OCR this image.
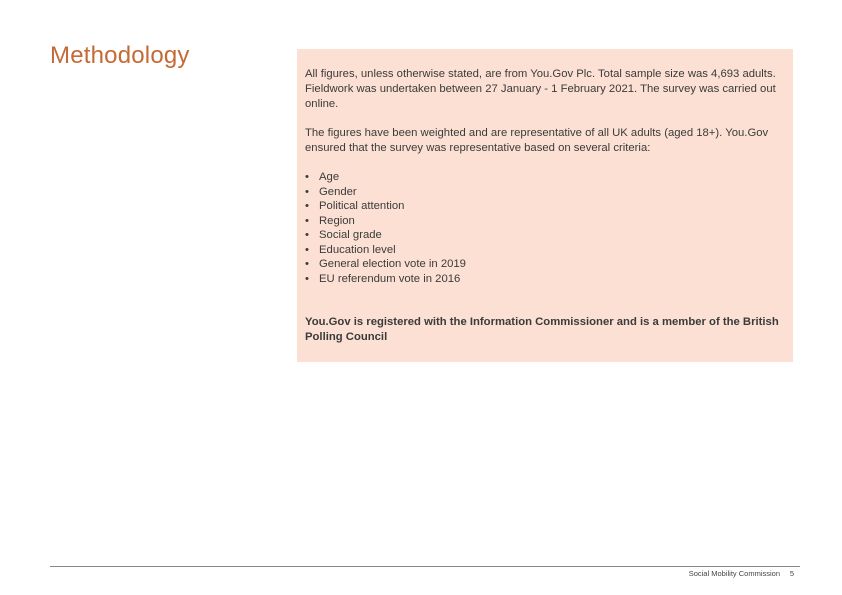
Methodology

All figures, unless otherwise stated, are from You.Gov Plc. Total sample size was 4,693 adults. Fieldwork was undertaken between 27 January - 1 February 2021. The survey was carried out online.

The figures have been weighted and are representative of all UK adults (aged 18+). You.Gov ensured that the survey was representative based on several criteria:

• Age
• Gender
• Political attention
• Region
• Social grade
• Education level
• General election vote in 2019
• EU referendum vote in 2016

You.Gov is registered with the Information Commissioner and is a member of the British Polling Council

Social Mobility Commission 5
